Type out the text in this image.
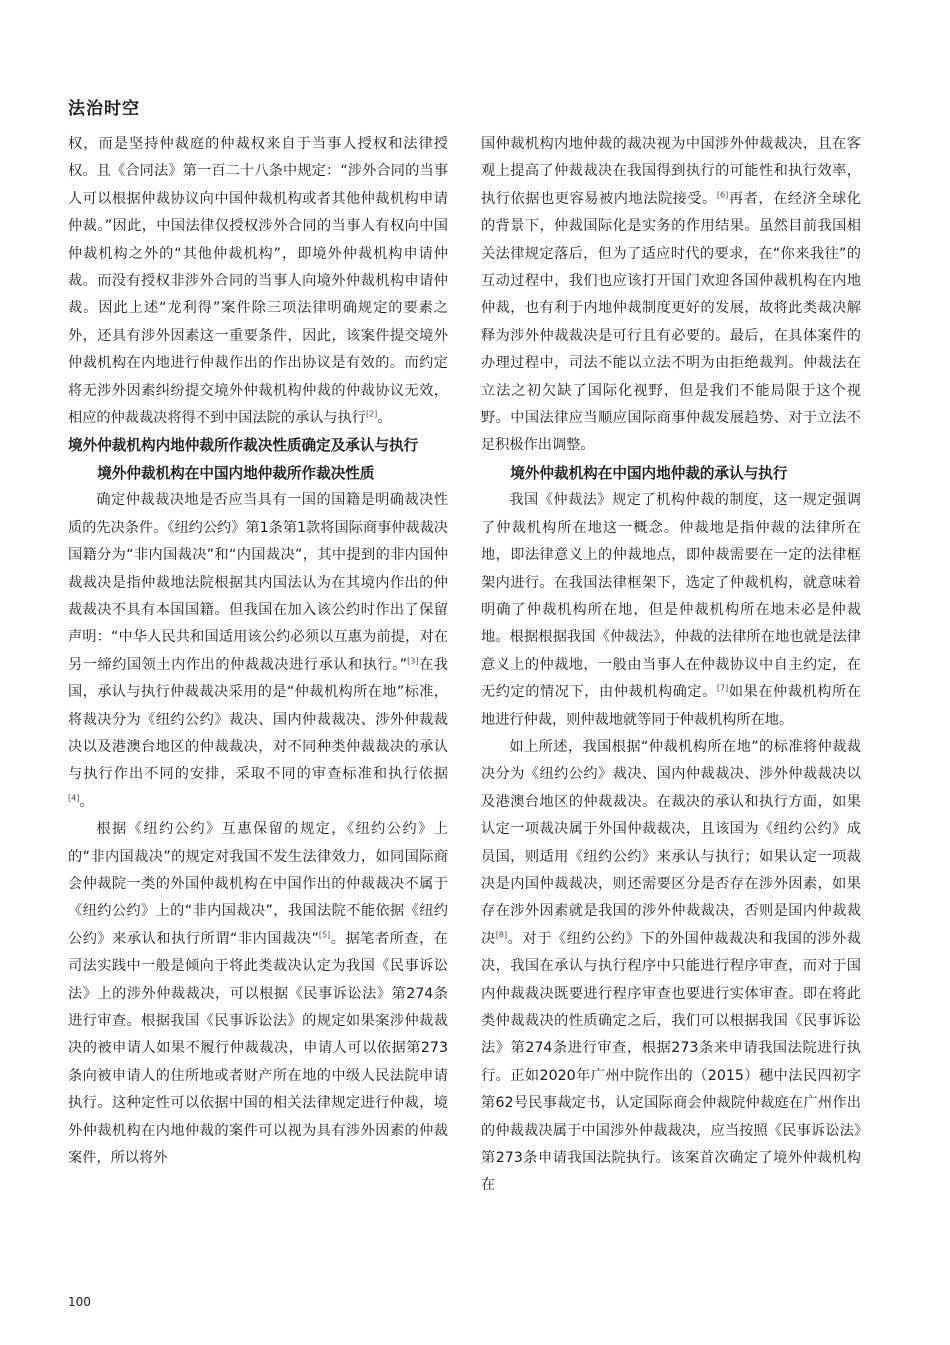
法治时空

权，而是坚持仲裁庭的仲裁权来自于当事人授权和法律授权。且《合同法》第一百二十八条中规定：“涉外合同的当事人可以根据仲裁协议向中国仲裁机构或者其他仲裁机构申请仲裁。”因此，中国法律仅授权涉外合同的当事人有权向中国仲裁机构之外的“其他仲裁机构”，即境外仲裁机构申请仲裁。而没有授权非涉外合同的当事人向境外仲裁机构申请仲裁。因此上述“龙利得”案件除三项法律明确规定的要素之外，还具有涉外因素这一重要条件，因此，该案件提交境外仲裁机构在内地进行仲裁作出的作出协议是有效的。而约定将无涉外因素纠纷提交境外仲裁机构仲裁的仲裁协议无效，相应的仲裁裁决将得不到中国法院的承认与执行[2]。

境外仲裁机构内地仲裁所作裁决性质确定及承认与执行

境外仲裁机构在中国内地仲裁所作裁决性质

确定仲裁裁决地是否应当具有一国的国籍是明确裁决性质的先决条件。《纽约公约》第1条第1款将国际商事仲裁裁决国籍分为“非内国裁决”和“内国裁决”，其中提到的非内国仲裁裁决是指仲裁地法院根据其内国法认为在其境内作出的仲裁裁决不具有本国国籍。但我国在加入该公约时作出了保留声明：“中华人民共和国适用该公约必须以互惠为前提，对在另一缔约国领土内作出的仲裁裁决进行承认和执行。”[3]在我国，承认与执行仲裁裁决采用的是“仲裁机构所在地”标准，将裁决分为《纽约公约》裁决、国内仲裁裁决、涉外仲裁裁决以及港澳台地区的仲裁裁决，对不同种类仲裁裁决的承认与执行作出不同的安排，采取不同的审查标准和执行依据[4]。

根据《纽约公约》互惠保留的规定，《纽约公约》上的“非内国裁决”的规定对我国不发生法律效力，如同国际商会仲裁院一类的外国仲裁机构在中国作出的仲裁裁决不属于《纽约公约》上的“非内国裁决”，我国法院不能依据《纽约公约》来承认和执行所谓“非内国裁决”[5]。据笔者所查，在司法实践中一般是倾向于将此类裁决认定为我国《民事诉讼法》上的涉外仲裁裁决，可以根据《民事诉讼法》第274条进行审查。根据我国《民事诉讼法》的规定如果案涉仲裁裁决的被申请人如果不履行仲裁裁决，申请人可以依据第273条向被申请人的住所地或者财产所在地的中级人民法院申请执行。这种定性可以依据中国的相关法律规定进行仲裁，境外仲裁机构在内地仲裁的案件可以视为具有涉外因素的仲裁案件，所以将外

国仲裁机构内地仲裁的裁决视为中国涉外仲裁裁决，且在客观上提高了仲裁裁决在我国得到执行的可能性和执行效率，执行依据也更容易被内地法院接受。[6]再者，在经济全球化的背景下，仲裁国际化是实务的作用结果。虽然目前我国相关法律规定落后，但为了适应时代的要求，在“你来我往”的互动过程中，我们也应该打开国门欢迎各国仲裁机构在内地仲裁，也有利于内地仲裁制度更好的发展，故将此类裁决解释为涉外仲裁裁决是可行且有必要的。最后，在具体案件的办理过程中，司法不能以立法不明为由拒绝裁判。仲裁法在立法之初欠缺了国际化视野，但是我们不能局限于这个视野。中国法律应当顺应国际商事仲裁发展趋势、对于立法不足积极作出调整。

境外仲裁机构在中国内地仲裁的承认与执行

我国《仲裁法》规定了机构仲裁的制度，这一规定强调了仲裁机构所在地这一概念。仲裁地是指仲裁的法律所在地，即法律意义上的仲裁地点，即仲裁需要在一定的法律框架内进行。在我国法律框架下，选定了仲裁机构，就意味着明确了仲裁机构所在地，但是仲裁机构所在地未必是仲裁地。根据根据我国《仲裁法》，仲裁的法律所在地也就是法律意义上的仲裁地，一般由当事人在仲裁协议中自主约定，在无约定的情况下，由仲裁机构确定。[7]如果在仲裁机构所在地进行仲裁，则仲裁地就等同于仲裁机构所在地。

如上所述，我国根据“仲裁机构所在地”的标准将仲裁裁决分为《纽约公约》裁决、国内仲裁裁决、涉外仲裁裁决以及港澳台地区的仲裁裁决。在裁决的承认和执行方面，如果认定一项裁决属于外国仲裁裁决，且该国为《纽约公约》成员国，则适用《纽约公约》来承认与执行；如果认定一项裁决是内国仲裁裁决，则还需要区分是否存在涉外因素，如果存在涉外因素就是我国的涉外仲裁裁决，否则是国内仲裁裁决[8]。对于《纽约公约》下的外国仲裁裁决和我国的涉外裁决，我国在承认与执行程序中只能进行程序审查，而对于国内仲裁裁决既要进行程序审查也要进行实体审查。即在将此类仲裁裁决的性质确定之后，我们可以根据我国《民事诉讼法》第274条进行审查，根据273条来申请我国法院进行执行。正如2020年广州中院作出的（2015）穗中法民四初字第62号民事裁定书，认定国际商会仲裁院仲裁庭在广州作出的仲裁裁决属于中国涉外仲裁裁决，应当按照《民事诉讼法》第273条申请我国法院执行。该案首次确定了境外仲裁机构在

100
